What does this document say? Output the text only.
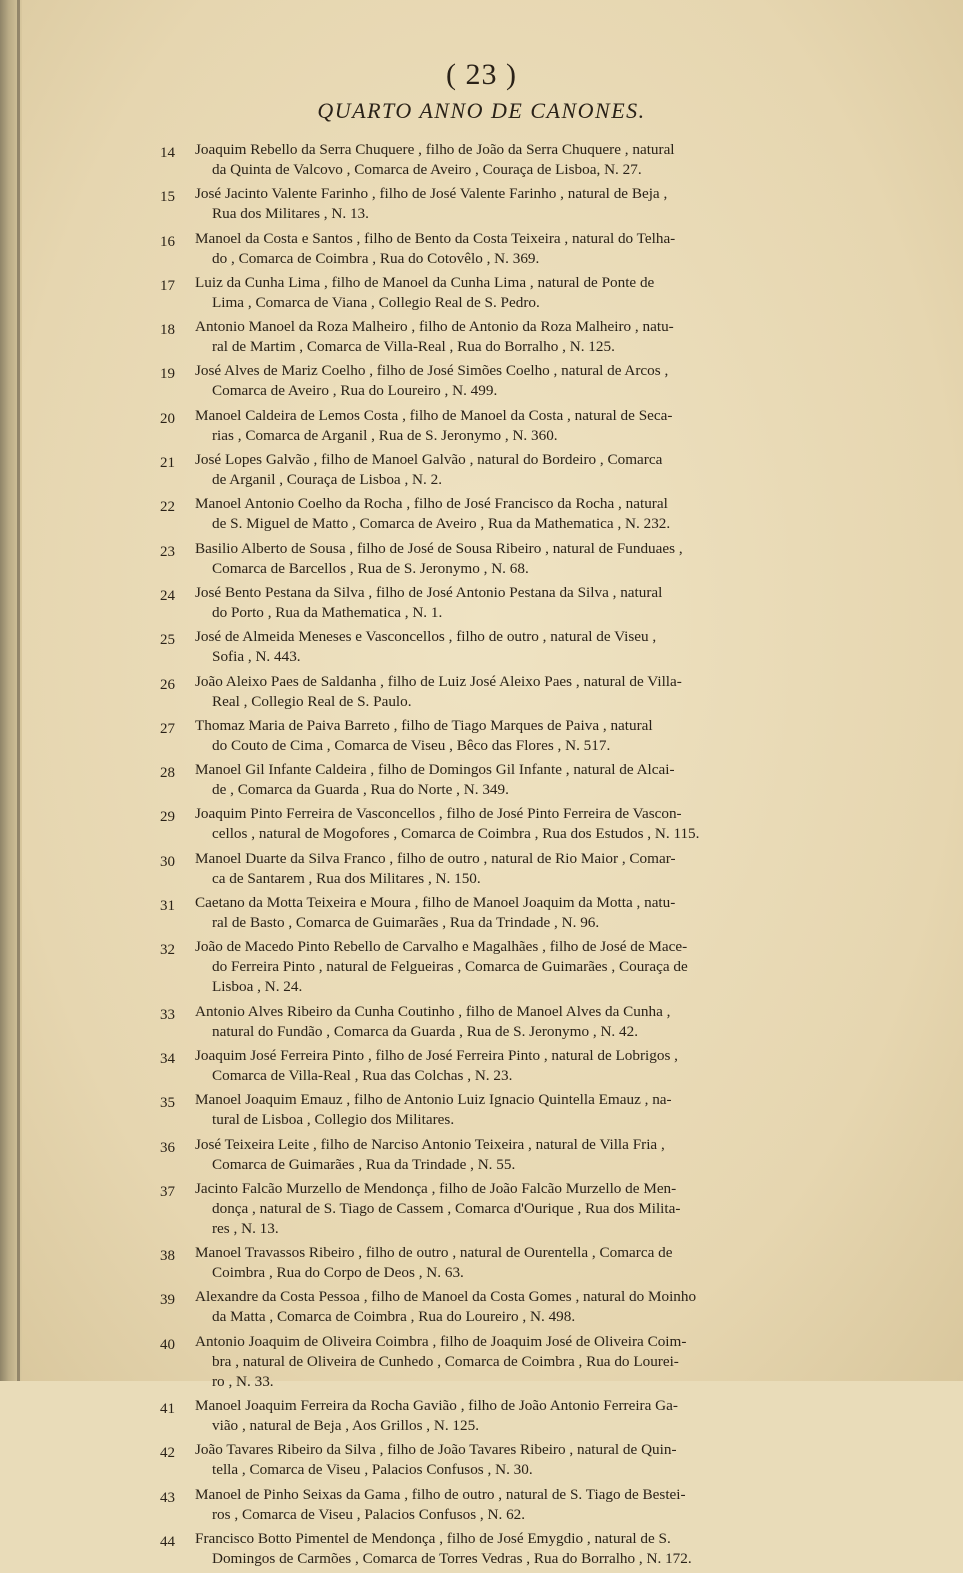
( 23 )
QUARTO ANNO DE CANONES.
14	Joaquim Rebello da Serra Chuquere , filho de João da Serra Chuquere , natural
da Quinta de Valcovo , Comarca de Aveiro , Couraça de Lisboa, N. 27.
15	José Jacinto Valente Farinho , filho de José Valente Farinho , natural de Beja ,
Rua dos Militares , N. 13.
16	Manoel da Costa e Santos , filho de Bento da Costa Teixeira , natural do Telha-
do , Comarca de Coimbra , Rua do Cotovêlo , N. 369.
17	Luiz da Cunha Lima , filho de Manoel da Cunha Lima , natural de Ponte de
Lima , Comarca de Viana , Collegio Real de S. Pedro.
18	Antonio Manoel da Roza Malheiro , filho de Antonio da Roza Malheiro , natu-
ral de Martim , Comarca de Villa-Real , Rua do Borralho , N. 125.
19	José Alves de Mariz Coelho , filho de José Simões Coelho , natural de Arcos ,
Comarca de Aveiro , Rua do Loureiro , N. 499.
20	Manoel Caldeira de Lemos Costa , filho de Manoel da Costa , natural de Seca-
rias , Comarca de Arganil , Rua de S. Jeronymo , N. 360.
21	José Lopes Galvão , filho de Manoel Galvão , natural do Bordeiro , Comarca
de Arganil , Couraça de Lisboa , N. 2.
22	Manoel Antonio Coelho da Rocha , filho de José Francisco da Rocha , natural
de S. Miguel de Matto , Comarca de Aveiro , Rua da Mathematica , N. 232.
23	Basilio Alberto de Sousa , filho de José de Sousa Ribeiro , natural de Funduaes ,
Comarca de Barcellos , Rua de S. Jeronymo , N. 68.
24	José Bento Pestana da Silva , filho de José Antonio Pestana da Silva , natural
do Porto , Rua da Mathematica , N. 1.
25	José de Almeida Meneses e Vasconcellos , filho de outro , natural de Viseu ,
Sofia , N. 443.
26	João Aleixo Paes de Saldanha , filho de Luiz José Aleixo Paes , natural de Villa-
Real , Collegio Real de S. Paulo.
27	Thomaz Maria de Paiva Barreto , filho de Tiago Marques de Paiva , natural
do Couto de Cima , Comarca de Viseu , Bêco das Flores , N. 517.
28	Manoel Gil Infante Caldeira , filho de Domingos Gil Infante , natural de Alcai-
de , Comarca da Guarda , Rua do Norte , N. 349.
29	Joaquim Pinto Ferreira de Vasconcellos , filho de José Pinto Ferreira de Vascon-
cellos , natural de Mogofores , Comarca de Coimbra , Rua dos Estudos , N. 115.
30	Manoel Duarte da Silva Franco , filho de outro , natural de Rio Maior , Comar-
ca de Santarem , Rua dos Militares , N. 150.
31	Caetano da Motta Teixeira e Moura , filho de Manoel Joaquim da Motta , natu-
ral de Basto , Comarca de Guimarães , Rua da Trindade , N. 96.
32	João de Macedo Pinto Rebello de Carvalho e Magalhães , filho de José de Mace-
do Ferreira Pinto , natural de Felgueiras , Comarca de Guimarães , Couraça de
Lisboa , N. 24.
33	Antonio Alves Ribeiro da Cunha Coutinho , filho de Manoel Alves da Cunha ,
natural do Fundão , Comarca da Guarda , Rua de S. Jeronymo , N. 42.
34	Joaquim José Ferreira Pinto , filho de José Ferreira Pinto , natural de Lobrigos ,
Comarca de Villa-Real , Rua das Colchas , N. 23.
35	Manoel Joaquim Emauz , filho de Antonio Luiz Ignacio Quintella Emauz , na-
tural de Lisboa , Collegio dos Militares.
36	José Teixeira Leite , filho de Narciso Antonio Teixeira , natural de Villa Fria ,
Comarca de Guimarães , Rua da Trindade , N. 55.
37	Jacinto Falcão Murzello de Mendonça , filho de João Falcão Murzello de Men-
donça , natural de S. Tiago de Cassem , Comarca d'Ourique , Rua dos Milita-
res , N. 13.
38	Manoel Travassos Ribeiro , filho de outro , natural de Ourentella , Comarca de
Coimbra , Rua do Corpo de Deos , N. 63.
39	Alexandre da Costa Pessoa , filho de Manoel da Costa Gomes , natural do Moinho
da Matta , Comarca de Coimbra , Rua do Loureiro , N. 498.
40	Antonio Joaquim de Oliveira Coimbra , filho de Joaquim José de Oliveira Coim-
bra , natural de Oliveira de Cunhedo , Comarca de Coimbra , Rua do Lourei-
ro , N. 33.
41	Manoel Joaquim Ferreira da Rocha Gavião , filho de João Antonio Ferreira Ga-
vião , natural de Beja , Aos Grillos , N. 125.
42	João Tavares Ribeiro da Silva , filho de João Tavares Ribeiro , natural de Quin-
tella , Comarca de Viseu , Palacios Confusos , N. 30.
43	Manoel de Pinho Seixas da Gama , filho de outro , natural de S. Tiago de Bestei-
ros , Comarca de Viseu , Palacios Confusos , N. 62.
44	Francisco Botto Pimentel de Mendonça , filho de José Emygdio , natural de S.
Domingos de Carmões , Comarca de Torres Vedras , Rua do Borralho , N. 172.
